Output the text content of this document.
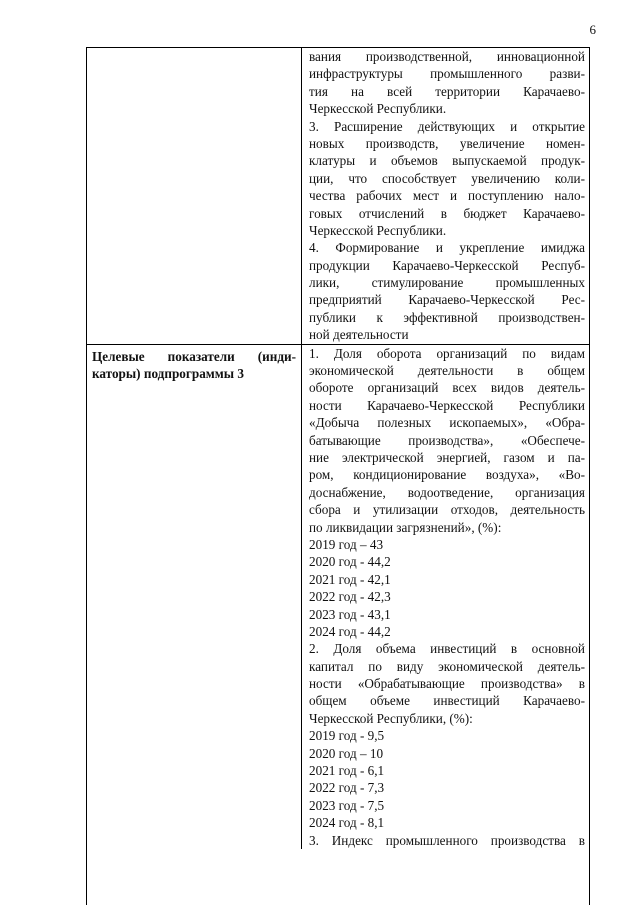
6
вания производственной, инновационной
инфраструктуры промышленного разви-
тия на всей территории Карачаево-
Черкесской Республики.
3. Расширение действующих и открытие
новых производств, увеличение номен-
клатуры и объемов выпускаемой продук-
ции, что способствует увеличению коли-
чества рабочих мест и поступлению нало-
говых отчислений в бюджет Карачаево-
Черкесской Республики.
4. Формирование и укрепление имиджа
продукции Карачаево-Черкесской Респуб-
лики, стимулирование промышленных
предприятий Карачаево-Черкесской Рес-
публики к эффективной производствен-
ной деятельности
Целевые показатели (инди-
каторы) подпрограммы 3
1. Доля оборота организаций по видам
экономической деятельности в общем
обороте организаций всех видов деятель-
ности Карачаево-Черкесской Республики
«Добыча полезных ископаемых», «Обра-
батывающие производства», «Обеспече-
ние электрической энергией, газом и па-
ром, кондиционирование воздуха», «Во-
доснабжение, водоотведение, организация
сбора и утилизации отходов, деятельность
по ликвидации загрязнений», (%):
2019 год – 43
2020 год - 44,2
2021 год - 42,1
2022 год - 42,3
2023 год - 43,1
2024 год - 44,2
2. Доля объема инвестиций в основной
капитал по виду экономической деятель-
ности «Обрабатывающие производства» в
общем объеме инвестиций Карачаево-
Черкесской Республики, (%):
2019 год - 9,5
2020 год – 10
2021 год - 6,1
2022 год - 7,3
2023 год - 7,5
2024 год - 8,1
3. Индекс промышленного производства в
